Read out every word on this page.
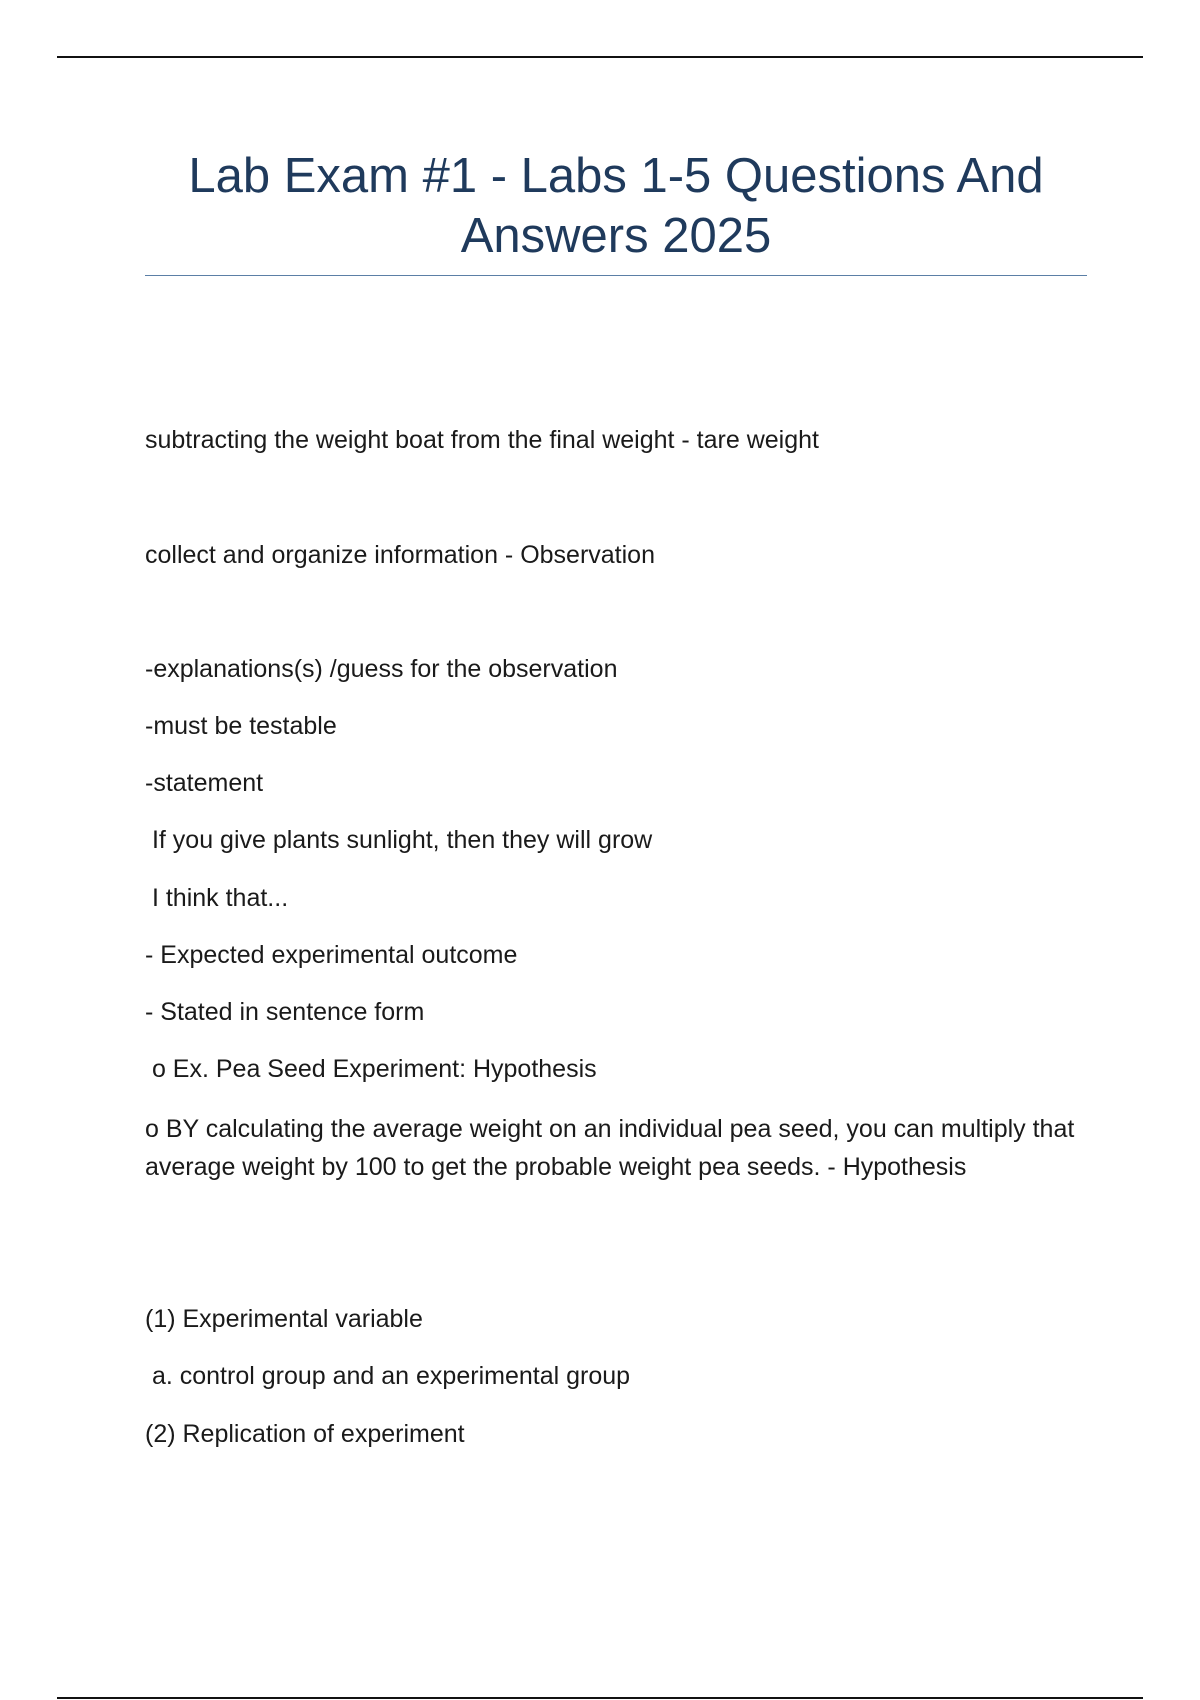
Lab Exam #1 - Labs 1-5 Questions And Answers 2025

subtracting the weight boat from the final weight - tare weight

collect and organize information - Observation

-explanations(s) /guess for the observation

-must be testable

-statement

If you give plants sunlight, then they will grow

I think that...

- Expected experimental outcome

- Stated in sentence form

o Ex. Pea Seed Experiment: Hypothesis

o BY calculating the average weight on an individual pea seed, you can multiply that average weight by 100 to get the probable weight pea seeds. - Hypothesis

(1) Experimental variable

a. control group and an experimental group

(2) Replication of experiment
